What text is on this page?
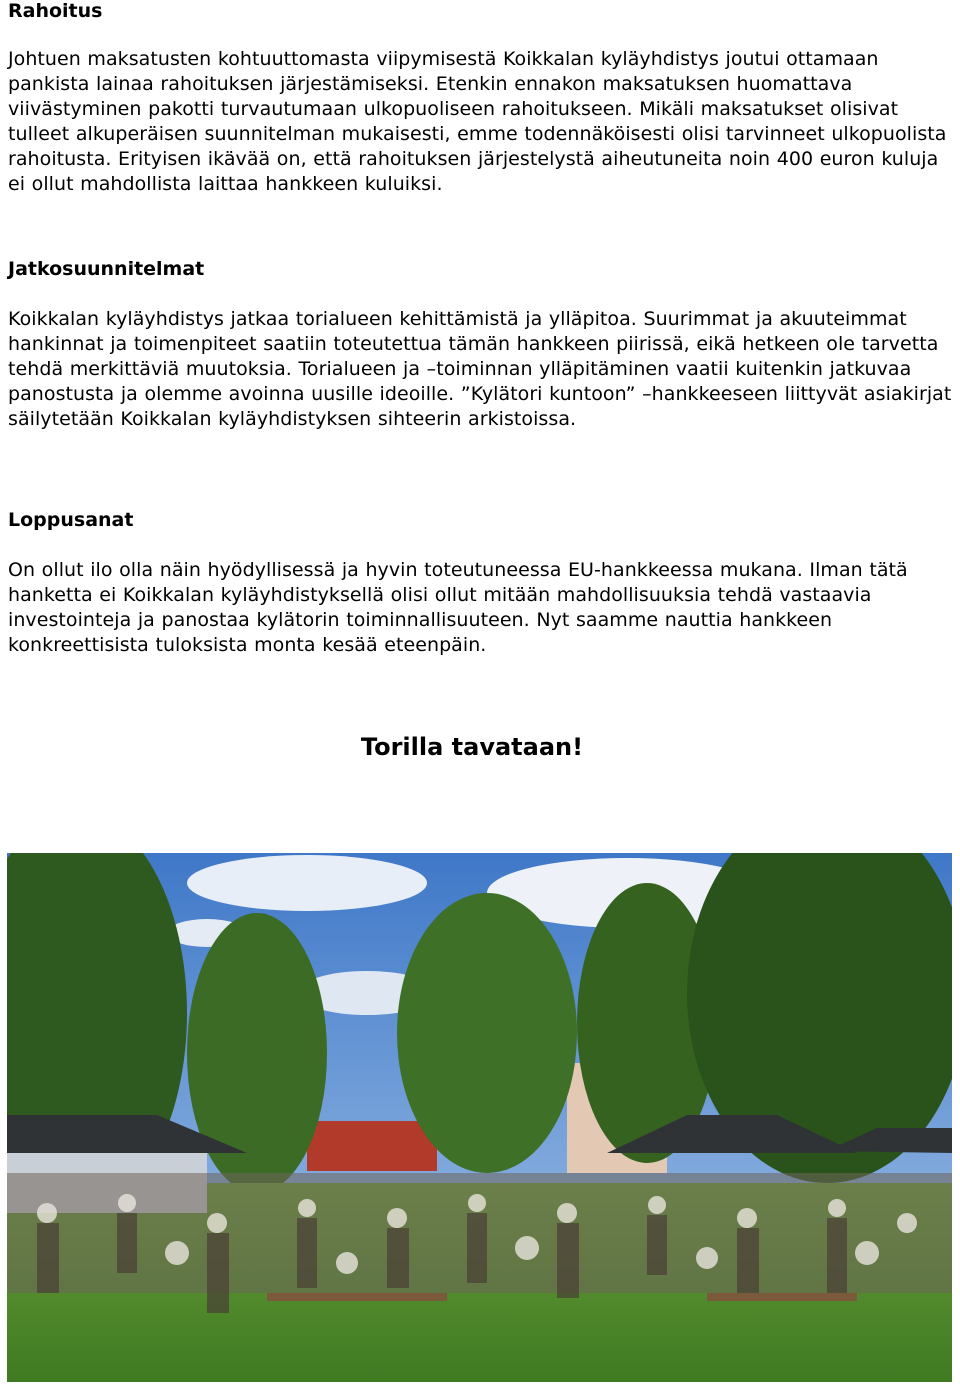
Rahoitus

Johtuen maksatusten kohtuuttomasta viipymisestä Koikkalan kyläyhdistys joutui ottamaan pankista lainaa rahoituksen järjestämiseksi. Etenkin ennakon maksatuksen huomattava viivästyminen pakotti turvautumaan ulkopuoliseen rahoitukseen. Mikäli maksatukset olisivat tulleet alkuperäisen suunnitelman mukaisesti, emme todennäköisesti olisi tarvinneet ulkopuolista rahoitusta. Erityisen ikävää on, että rahoituksen järjestelystä aiheutuneita noin 400 euron kuluja ei ollut mahdollista laittaa hankkeen kuluiksi.

Jatkosuunnitelmat

Koikkalan kyläyhdistys jatkaa torialueen kehittämistä ja ylläpitoa. Suurimmat ja akuuteimmat hankinnat ja toimenpiteet saatiin toteutettua tämän hankkeen piirissä, eikä hetkeen ole tarvetta tehdä merkittäviä muutoksia. Torialueen ja –toiminnan ylläpitäminen vaatii kuitenkin jatkuvaa panostusta ja olemme avoinna uusille ideoille. ”Kylätori kuntoon” –hankkeeseen liittyvät asiakirjat säilytetään Koikkalan kyläyhdistyksen sihteerin arkistoissa.

Loppusanat

On ollut ilo olla näin hyödyllisessä ja hyvin toteutuneessa EU-hankkeessa mukana. Ilman tätä hanketta ei Koikkalan kyläyhdistyksellä olisi ollut mitään mahdollisuuksia tehdä vastaavia investointeja ja panostaa kylätorin toiminnallisuuteen. Nyt saamme nauttia hankkeen konkreettisista tuloksista monta kesää eteenpäin.

Torilla tavataan!
